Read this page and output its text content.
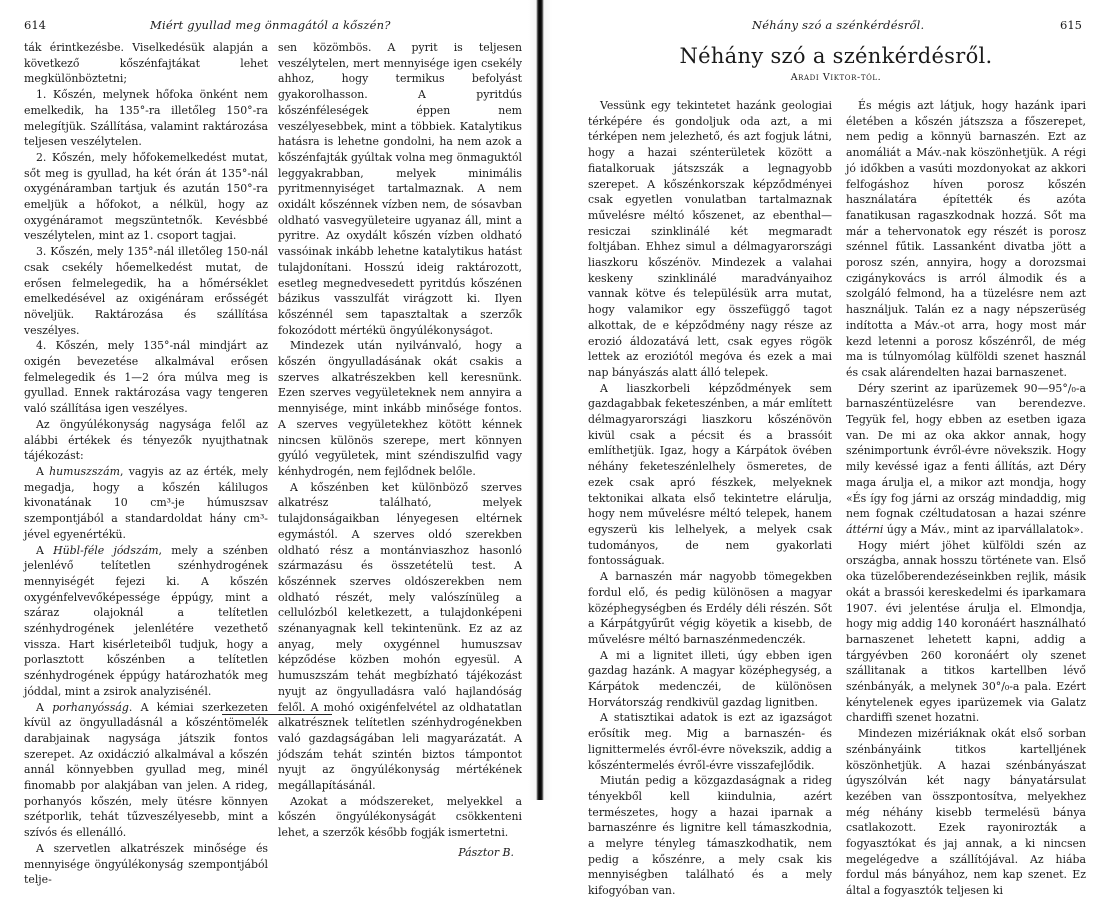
614	Miért gyullad meg önmagától a kőszén?

ták érintkezésbe. Viselkedésük alapján a következő kőszénfajtákat lehet megkülönböztetni;

1. Kőszén, melynek hőfoka önként nem emelkedik, ha 135°-ra illetőleg 150°-ra melegítjük. Szállítása, valamint raktározása teljesen veszélytelen.

2. Kőszén, mely hőfokemelkedést mutat, sőt meg is gyullad, ha két órán át 135°-nál oxygénáramban tartjuk és azután 150°-ra emeljük a hőfokot, a nélkül, hogy az oxygénáramot megszüntetnők. Kevésbbé veszélytelen, mint az 1. csoport tagjai.

3. Kőszén, mely 135°-nál illetőleg 150-nál csak csekély hőemelkedést mutat, de erősen felmelegedik, ha a hőmérséklet emelkedésével az oxigénáram erősségét növeljük. Raktározása és szállítása veszélyes.

4. Kőszén, mely 135°-nál mindjárt az oxigén bevezetése alkalmával erősen felmelegedik és 1—2 óra múlva meg is gyullad. Ennek raktározása vagy tengeren való szállítása igen veszélyes.

Az öngyúlékonyság nagysága felől az alábbi értékek és tényezők nyujthatnak tájékozást:

A humuszszám, vagyis az az érték, mely megadja, hogy a kőszén kálilugos kivonatának 10 cm³-je húmuszsav szempontjából a standardoldat hány cm³-jével egyenértékü.

A Hübl-féle jódszám, mely a szénben jelenlévő telítetlen szénhydrogének mennyiségét fejezi ki. A kőszén oxygénfelvevőképessége éppúgy, mint a száraz olajoknál a telítetlen szénhydrogének jelenlétére vezethető vissza. Hart kisérleteiből tudjuk, hogy a porlasztott kőszénben a telítetlen szénhydrogének éppúgy határozhatók meg jóddal, mint a zsirok analyzisénél.

A porhanyósság. A kémiai szerkezeten kívül az öngyulladásnál a kőszéntömelék darabjainak nagysága játszik fontos szerepet. Az oxidáczió alkalmával a kőszén annál könnyebben gyullad meg, minél finomabb por alakjában van jelen. A rideg, porhanyós kőszén, mely ütésre könnyen szétporlik, tehát tűzveszélyesebb, mint a szívós és ellenálló.

A szervetlen alkatrészek minősége és mennyisége öngyúlékonyság szempontjából telje-

sen közömbös. A pyrit is teljesen veszélytelen, mert mennyisége igen csekély ahhoz, hogy termikus befolyást gyakorolhasson. A pyritdús kőszénféleségek éppen nem veszélyesebbek, mint a többiek. Katalytikus hatásra is lehetne gondolni, ha nem azok a kőszénfajták gyúltak volna meg önmaguktól leggyakrabban, melyek minimális pyritmennyiséget tartalmaznak. A nem oxidált kőszénnek vízben nem, de sósavban oldható vasvegyületeire ugyanaz áll, mint a pyritre. Az oxydált kőszén vízben oldható vassóinak inkább lehetne katalytikus hatást tulajdonítani. Hosszú ideig raktározott, esetleg megnedvesedett pyritdús kőszénen bázikus vasszulfát virágzott ki. Ilyen kőszénnél sem tapasztaltak a szerzők fokozódott mértékü öngyúlékonyságot.

Mindezek után nyilvánvaló, hogy a kőszén öngyulladásának okát csakis a szerves alkatrészekben kell keresnünk. Ezen szerves vegyületeknek nem annyira a mennyisége, mint inkább minősége fontos. A szerves vegyületekhez kötött kénnek nincsen különös szerepe, mert könnyen gyúló vegyületek, mint széndiszulfid vagy kénhydrogén, nem fejlődnek belőle.

A kőszénben ket különböző szerves alkatrész található, melyek tulajdonságaikban lényegesen eltérnek egymástól. A szerves oldó szerekben oldható rész a montánviaszhoz hasonló származásu és összetételü test. A kőszénnek szerves oldószerekben nem oldható részét, mely valószínüleg a cellulózból keletkezett, a tulajdonképeni szénanyagnak kell tekintenünk. Ez az az anyag, mely oxygénnel humuszsav képződése közben mohón egyesül. A humuszszám tehát megbízható tájékozást nyujt az öngyulladásra való hajlandóság felől. A mohó oxigénfelvétel az oldhatatlan alkatrésznek telítetlen szénhydrogénekben való gazdagságában leli magyarázatát. A jódszám tehát szintén biztos támpontot nyujt az öngyúlékonyság mértékének megállapításánál.

Azokat a módszereket, melyekkel a kőszén öngyúlékonyságát csökkenteni lehet, a szerzők később fogják ismertetni.

Pásztor B.

Néhány szó a szénkérdésről.	615
Néhány szó a szénkérdésről.
Aradi Viktor-tól.

Vessünk egy tekintetet hazánk geologiai térképére és gondoljuk oda azt, a mi térképen nem jelezhető, és azt fogjuk látni, hogy a hazai szénterületek között a fiatalkoruak játszszák a legnagyobb szerepet. A kőszénkorszak képződményei csak egyetlen vonulatban tartalmaznak művelésre méltó kőszenet, az ebenthal—resiczai szinklinálé két megmaradt foltjában. Ehhez simul a délmagyarországi liaszkoru kőszénöv. Mindezek a valahai keskeny szinklinálé maradványaihoz vannak kötve és településük arra mutat, hogy valamikor egy összefüggő tagot alkottak, de e képződmény nagy része az erozió áldozatává lett, csak egyes rögök lettek az eroziótól megóva és ezek a mai nap bányászás alatt álló telepek.

A liaszkorbeli képződmények sem gazdagabbak feketeszénben, a már említett délmagyarországi liaszkoru kőszénövön kivül csak a pécsit és a brassóit említhetjük. Igaz, hogy a Kárpátok övében néhány feketeszénlelhely ösmeretes, de ezek csak apró fészkek, melyeknek tektonikai alkata első tekintetre elárulja, hogy nem művelésre méltó telepek, hanem egyszerü kis lelhelyek, a melyek csak tudományos, de nem gyakorlati fontosságuak.

A barnaszén már nagyobb tömegekben fordul elő, és pedig különösen a magyar középhegységben és Erdély déli részén. Sőt a Kárpátgyűrűt végig köyetik a kisebb, de művelésre méltó barnaszénmedenczék.

A mi a lignitet illeti, úgy ebben igen gazdag hazánk. A magyar középhegység, a Kárpátok medenczéi, de különösen Horvátország rendkivül gazdag lignitben.

A statisztikai adatok is ezt az igazságot erősítik meg. Mig a barnaszén- és lignittermelés évről-évre növekszik, addig a kőszéntermelés évről-évre visszafejlődik.

Miután pedig a közgazdaságnak a rideg tényekből kell kiindulnia, azért természetes, hogy a hazai iparnak a barnaszénre és lignitre kell támaszkodnia, a melyre tényleg támaszkodhatik, nem pedig a kőszénre, a mely csak kis mennyiségben található és a mely kifogyóban van.

És mégis azt látjuk, hogy hazánk ipari életében a kőszén játszsza a főszerepet, nem pedig a könnyü barnaszén. Ezt az anomáliát a Máv.-nak köszönhetjük. A régi jó időkben a vasúti mozdonyokat az akkori felfogáshoz híven porosz kőszén használatára építették és azóta fanatikusan ragaszkodnak hozzá. Sőt ma már a tehervonatok egy részét is porosz szénnel fűtik. Lassanként divatba jött a porosz szén, annyira, hogy a dorozsmai czigánykovács is arról álmodik és a szolgáló felmond, ha a tüzelésre nem azt használjuk. Talán ez a nagy népszerüség indította a Máv.-ot arra, hogy most már kezd letenni a porosz kőszénről, de még ma is túlnyomólag külföldi szenet használ és csak alárendelten hazai barnaszenet.

Déry szerint az iparüzemek 90—95°/₀-a barnaszéntüzelésre van berendezve. Tegyük fel, hogy ebben az esetben igaza van. De mi az oka akkor annak, hogy szénimportunk évről-évre növekszik. Hogy mily kevéssé igaz a fenti állítás, azt Déry maga árulja el, a mikor azt mondja, hogy «És így fog járni az ország mindaddig, mig nem fognak czéltudatosan a hazai szénre áttérni úgy a Máv., mint az iparvállalatok».

Hogy miért jöhet külföldi szén az országba, annak hosszu története van. Első oka tüzelőberendezéseinkben rejlik, másik okát a brassói kereskedelmi és iparkamara 1907. évi jelentése árulja el. Elmondja, hogy mig addig 140 koronáért használható barnaszenet lehetett kapni, addig a tárgyévben 260 koronáért oly szenet szállitanak a titkos kartellben lévő szénbányák, a melynek 30°/₀-a pala. Ezért kénytelenek egyes iparüzemek via Galatz chardiffi szenet hozatni.

Mindezen mizériáknak okát első sorban szénbányáink titkos kartelljének köszönhetjük. A hazai szénbányászat úgyszólván két nagy bányatársulat kezében van összpontosítva, melyekhez még néhány kisebb termelésü bánya csatlakozott. Ezek rayonirozták a fogyasztókat és jaj annak, a ki nincsen megelégedve a szállítójával. Az hiába fordul más bányához, nem kap szenet. Ez által a fogyasztók teljesen ki
